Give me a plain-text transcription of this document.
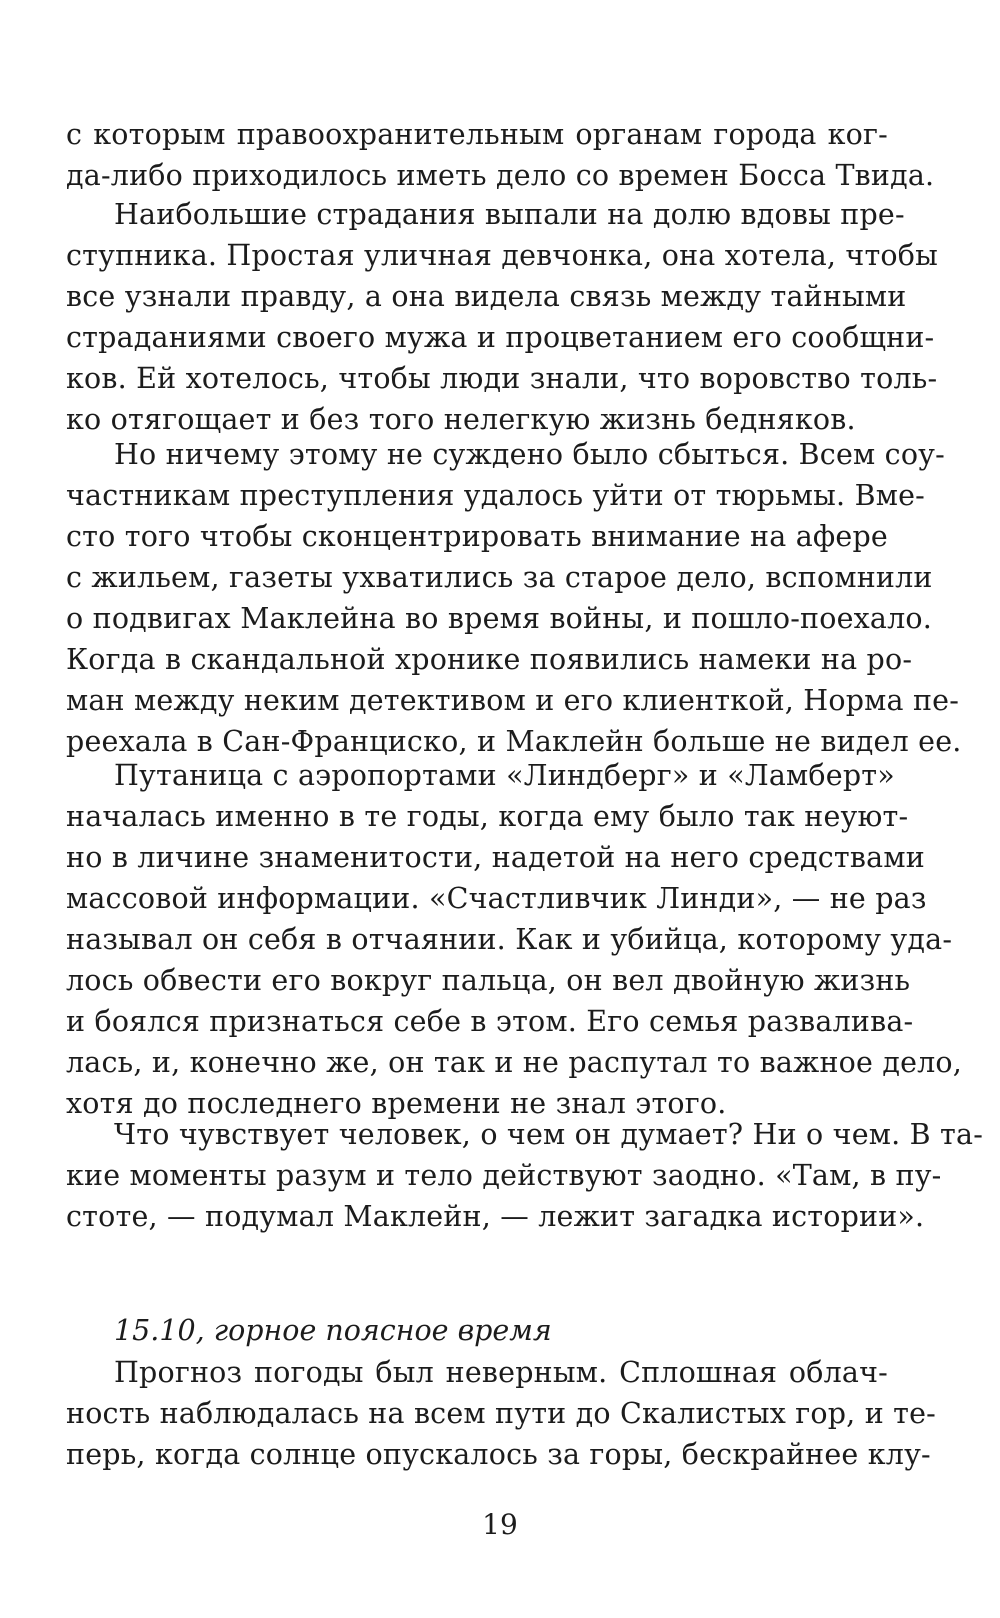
с которым правоохранительным органам города ког-
да-либо приходилось иметь дело со времен Босса Твида.
Наибольшие страдания выпали на долю вдовы пре-
ступника. Простая уличная девчонка, она хотела, чтобы
все узнали правду, а она видела связь между тайными
страданиями своего мужа и процветанием его сообщни-
ков. Ей хотелось, чтобы люди знали, что воровство толь-
ко отягощает и без того нелегкую жизнь бедняков.
Но ничему этому не суждено было сбыться. Всем соу-
частникам преступления удалось уйти от тюрьмы. Вме-
сто того чтобы сконцентрировать внимание на афере
с жильем, газеты ухватились за старое дело, вспомнили
о подвигах Маклейна во время войны, и пошло-поехало.
Когда в скандальной хронике появились намеки на ро-
ман между неким детективом и его клиенткой, Норма пе-
реехала в Сан-Франциско, и Маклейн больше не видел ее.
Путаница с аэропортами «Линдберг» и «Ламберт»
началась именно в те годы, когда ему было так неуют-
но в личине знаменитости, надетой на него средствами
массовой информации. «Счастливчик Линди», — не раз
называл он себя в отчаянии. Как и убийца, которому уда-
лось обвести его вокруг пальца, он вел двойную жизнь
и боялся признаться себе в этом. Его семья развалива-
лась, и, конечно же, он так и не распутал то важное дело,
хотя до последнего времени не знал этого.
Что чувствует человек, о чем он думает? Ни о чем. В та-
кие моменты разум и тело действуют заодно. «Там, в пу-
стоте, — подумал Маклейн, — лежит загадка истории».
15.10, горное поясное время
Прогноз погоды был неверным. Сплошная облач-
ность наблюдалась на всем пути до Скалистых гор, и те-
перь, когда солнце опускалось за горы, бескрайнее клу-
19
